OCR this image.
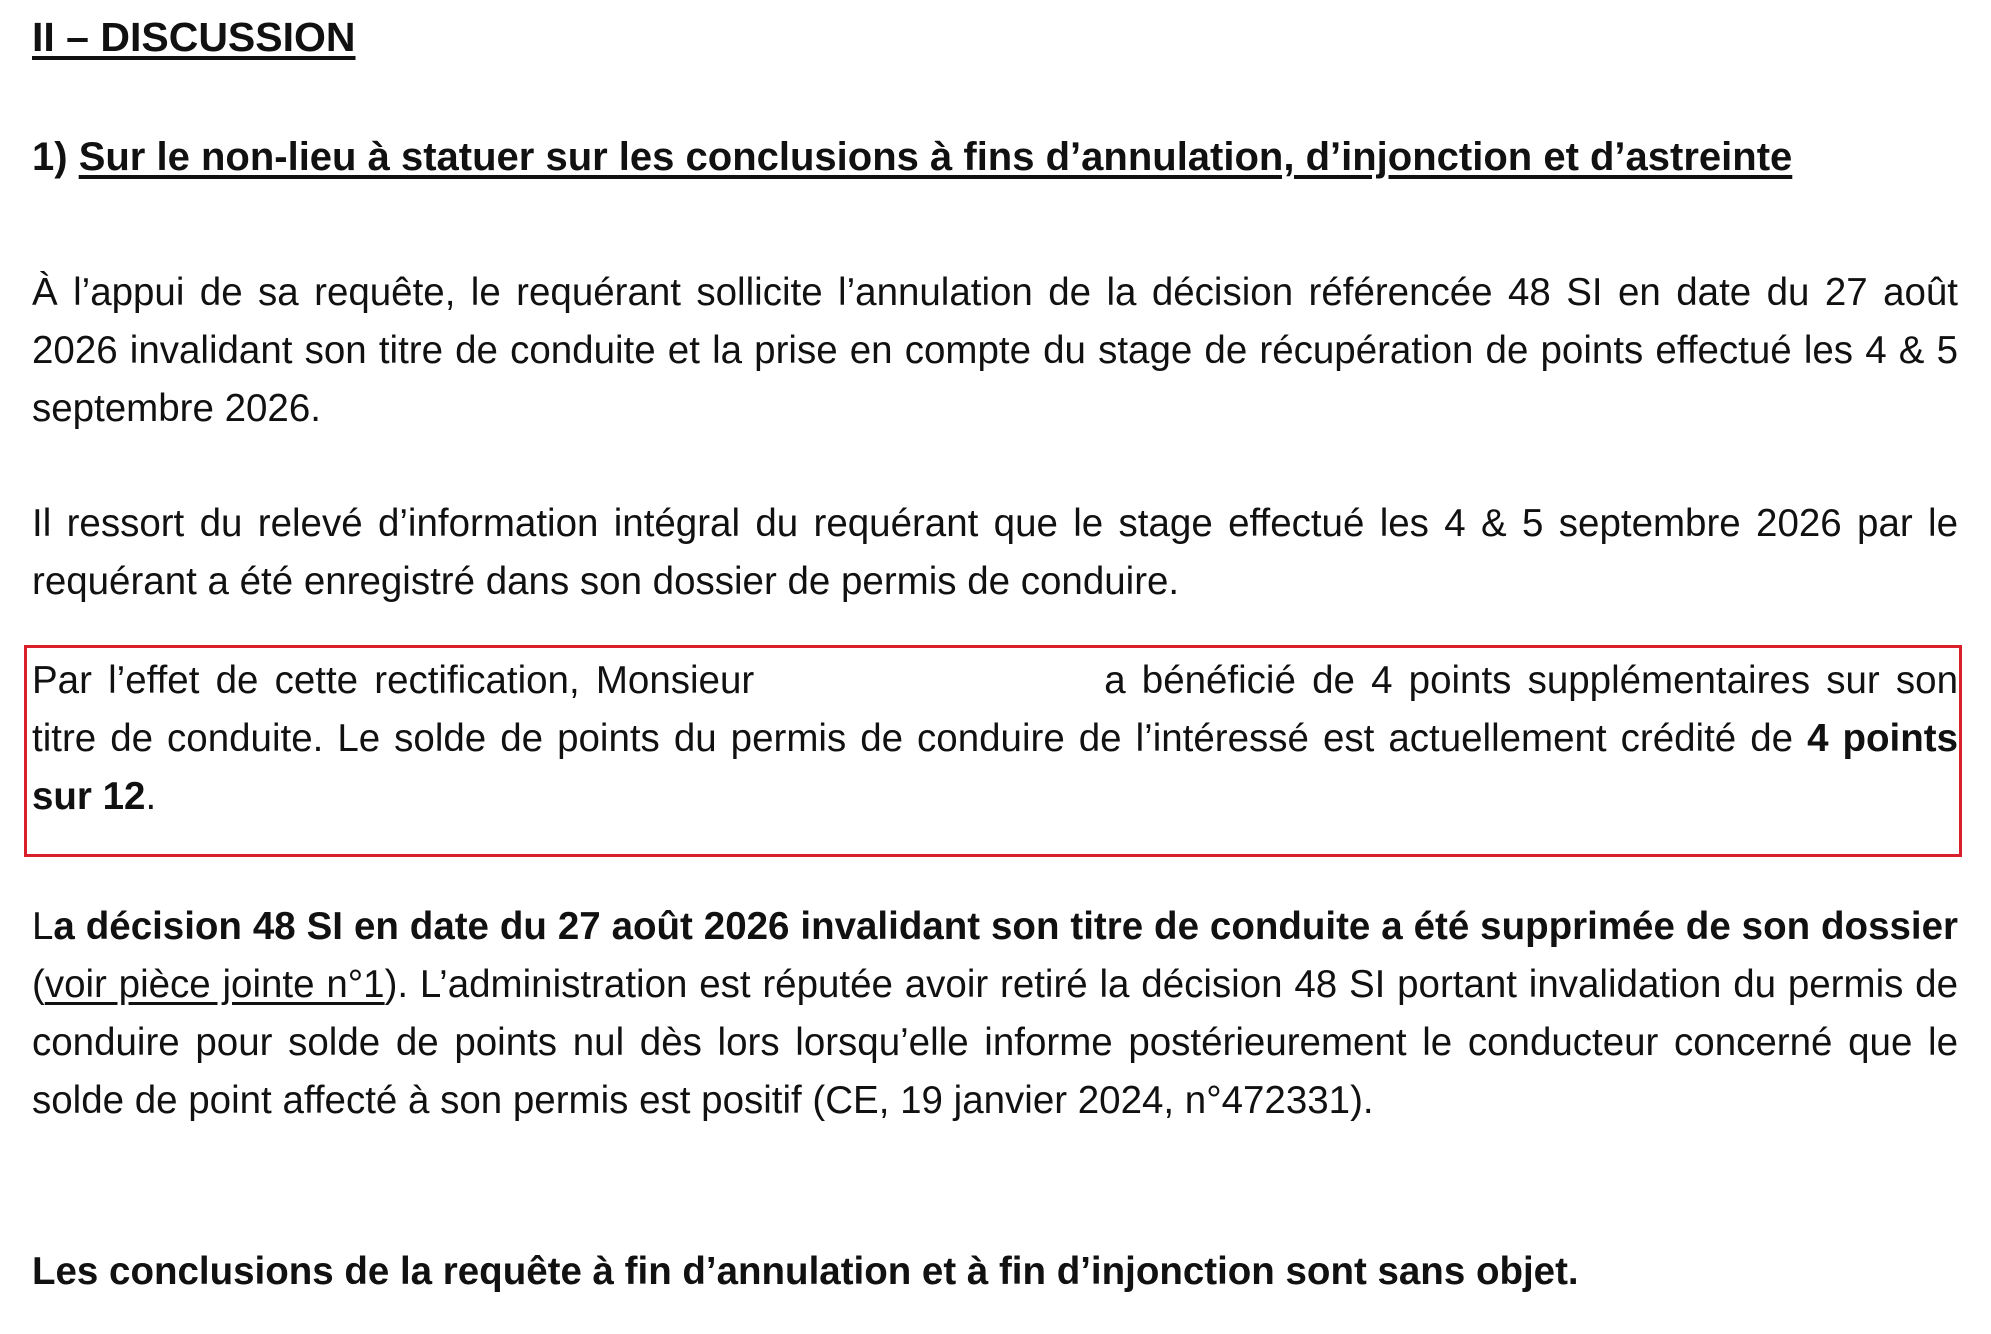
II – DISCUSSION
1) Sur le non-lieu à statuer sur les conclusions à fins d’annulation, d’injonction et d’astreinte

À l’appui de sa requête, le requérant sollicite l’annulation de la décision référencée 48 SI en date du 27 août 2026 invalidant son titre de conduite et la prise en compte du stage de récupération de points effectué les 4 & 5 septembre 2026.

Il ressort du relevé d’information intégral du requérant que le stage effectué les 4 & 5 septembre 2026 par le requérant a été enregistré dans son dossier de permis de conduire.

Par l’effet de cette rectification, Monsieur	a bénéficié de 4 points supplémentaires sur son titre de conduite. Le solde de points du permis de conduire de l’intéressé est actuellement crédité de 4 points sur 12.

La décision 48 SI en date du 27 août 2026 invalidant son titre de conduite a été supprimée de son dossier (voir pièce jointe n°1). L’administration est réputée avoir retiré la décision 48 SI portant invalidation du permis de conduire pour solde de points nul dès lors lorsqu’elle informe postérieurement le conducteur concerné que le solde de point affecté à son permis est positif (CE, 19 janvier 2024, n°472331).

Les conclusions de la requête à fin d’annulation et à fin d’injonction sont sans objet.
